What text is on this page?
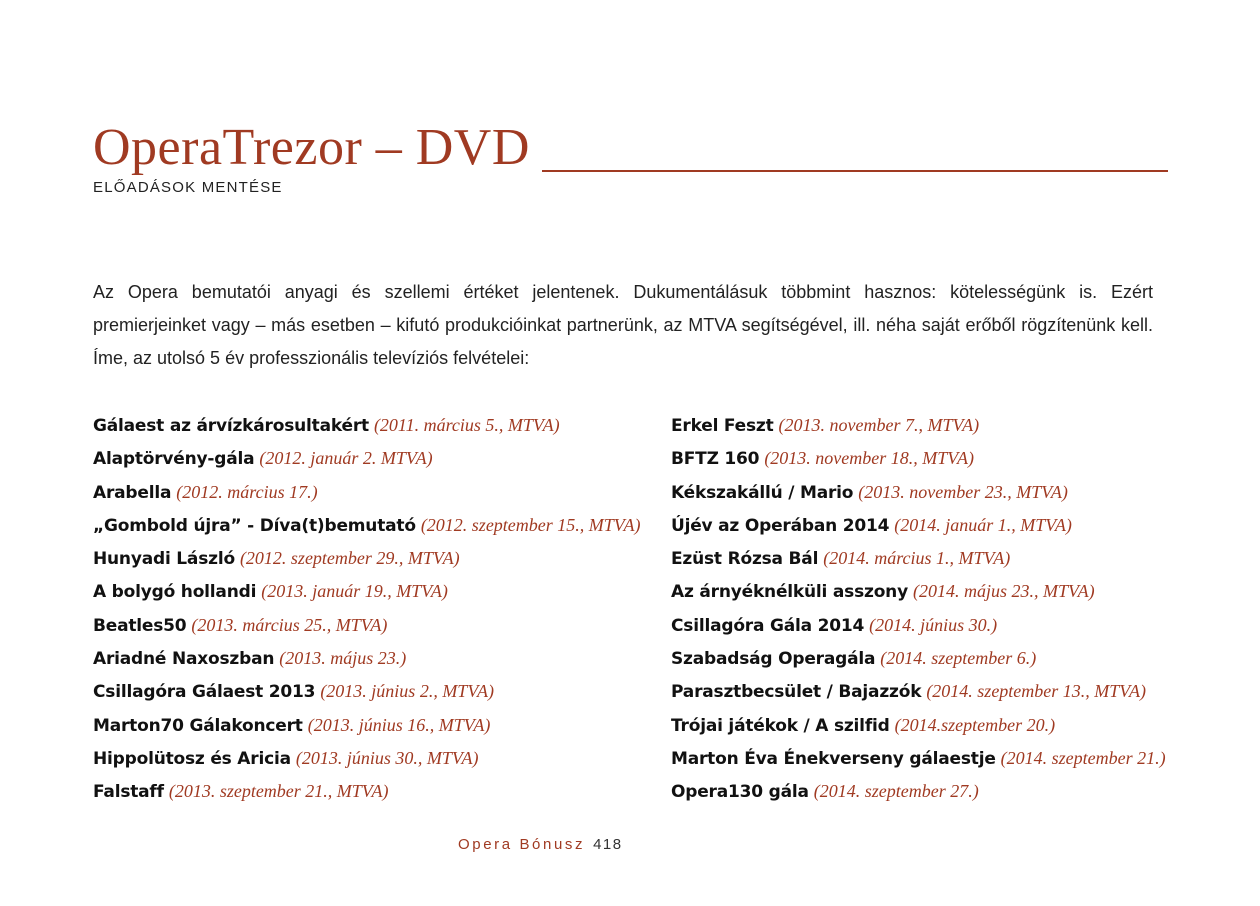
OperaTrezor – DVD
ELŐADÁSOK MENTÉSE
Az Opera bemutatói anyagi és szellemi értéket jelentenek. Dukumentálásuk többmint hasznos: kötelességünk is. Ezért premierjeinket vagy – más esetben – kifutó produkcióinkat partnerünk, az MTVA segítségével, ill. néha saját erőből rögzítenünk kell. Íme, az utolsó 5 év professzionális televíziós felvételei:
Gálaest az árvízkárosultakért (2011. március 5., MTVA)
Alaptörvény-gála (2012. január 2. MTVA)
Arabella (2012. március 17.)
„Gombold újra” - Díva(t)bemutató (2012. szeptember 15., MTVA)
Hunyadi László (2012. szeptember 29., MTVA)
A bolygó hollandi (2013. január 19., MTVA)
Beatles50 (2013. március 25., MTVA)
Ariadné Naxoszban (2013. május 23.)
Csillagóra Gálaest 2013 (2013. június 2., MTVA)
Marton70 Gálakoncert (2013. június 16., MTVA)
Hippolütosz és Aricia (2013. június 30., MTVA)
Falstaff (2013. szeptember 21., MTVA)
Erkel Feszt (2013. november 7., MTVA)
BFTZ 160 (2013. november 18., MTVA)
Kékszakállú / Mario (2013. november 23., MTVA)
Újév az Operában 2014 (2014. január 1., MTVA)
Ezüst Rózsa Bál (2014. március 1., MTVA)
Az árnyéknélküli asszony (2014. május 23., MTVA)
Csillagóra Gála 2014 (2014. június 30.)
Szabadság Operagála (2014. szeptember 6.)
Parasztbecsület / Bajazzók (2014. szeptember 13., MTVA)
Trójai játékok / A szilfid (2014.szeptember 20.)
Marton Éva Énekverseny gálaestje (2014. szeptember 21.)
Opera130 gála (2014. szeptember 27.)
Opera Bónusz 418
